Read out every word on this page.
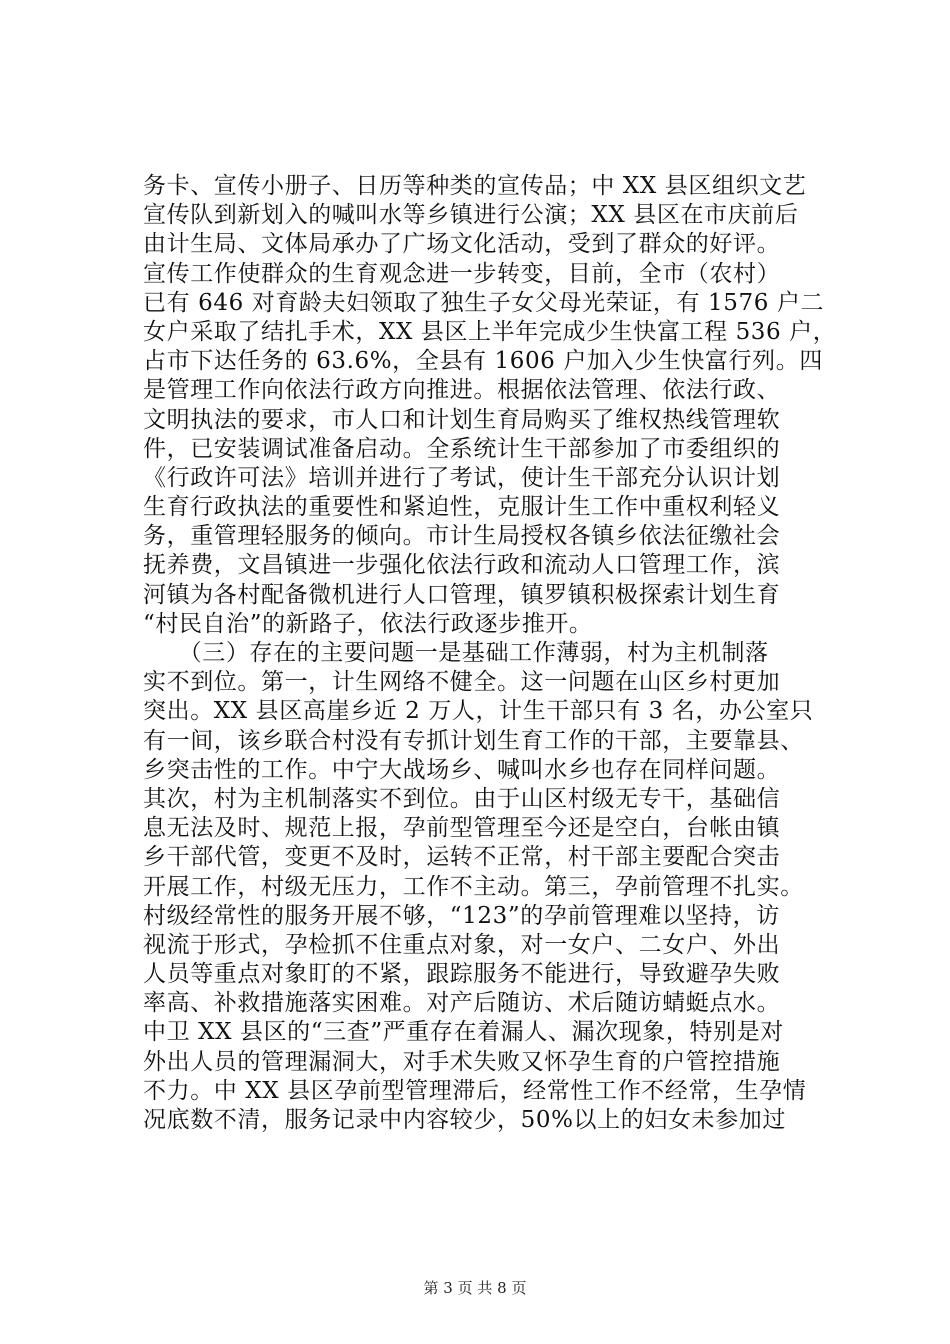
务卡、宣传小册子、日历等种类的宣传品；中 XX 县区组织文艺
宣传队到新划入的喊叫水等乡镇进行公演；XX 县区在市庆前后
由计生局、文体局承办了广场文化活动，受到了群众的好评。
宣传工作使群众的生育观念进一步转变，目前，全市（农村）
已有 646 对育龄夫妇领取了独生子女父母光荣证，有 1576 户二
女户采取了结扎手术，XX 县区上半年完成少生快富工程 536 户，
占市下达任务的 63.6%，全县有 1606 户加入少生快富行列。四
是管理工作向依法行政方向推进。根据依法管理、依法行政、
文明执法的要求，市人口和计划生育局购买了维权热线管理软
件，已安装调试准备启动。全系统计生干部参加了市委组织的
《行政许可法》培训并进行了考试，使计生干部充分认识计划
生育行政执法的重要性和紧迫性，克服计生工作中重权利轻义
务，重管理轻服务的倾向。市计生局授权各镇乡依法征缴社会
抚养费，文昌镇进一步强化依法行政和流动人口管理工作，滨
河镇为各村配备微机进行人口管理，镇罗镇积极探索计划生育
“村民自治”的新路子，依法行政逐步推开。
　　（三）存在的主要问题一是基础工作薄弱，村为主机制落
实不到位。第一，计生网络不健全。这一问题在山区乡村更加
突出。XX 县区高崖乡近 2 万人，计生干部只有 3 名，办公室只
有一间，该乡联合村没有专抓计划生育工作的干部，主要靠县、
乡突击性的工作。中宁大战场乡、喊叫水乡也存在同样问题。
其次，村为主机制落实不到位。由于山区村级无专干，基础信
息无法及时、规范上报，孕前型管理至今还是空白，台帐由镇
乡干部代管，变更不及时，运转不正常，村干部主要配合突击
开展工作，村级无压力，工作不主动。第三，孕前管理不扎实。
村级经常性的服务开展不够，“123”的孕前管理难以坚持，访
视流于形式，孕检抓不住重点对象，对一女户、二女户、外出
人员等重点对象盯的不紧，跟踪服务不能进行，导致避孕失败
率高、补救措施落实困难。对产后随访、术后随访蜻蜓点水。
中卫 XX 县区的“三查”严重存在着漏人、漏次现象，特别是对
外出人员的管理漏洞大，对手术失败又怀孕生育的户管控措施
不力。中 XX 县区孕前型管理滞后，经常性工作不经常，生孕情
况底数不清，服务记录中内容较少，50%以上的妇女未参加过
第 3 页 共 8 页
